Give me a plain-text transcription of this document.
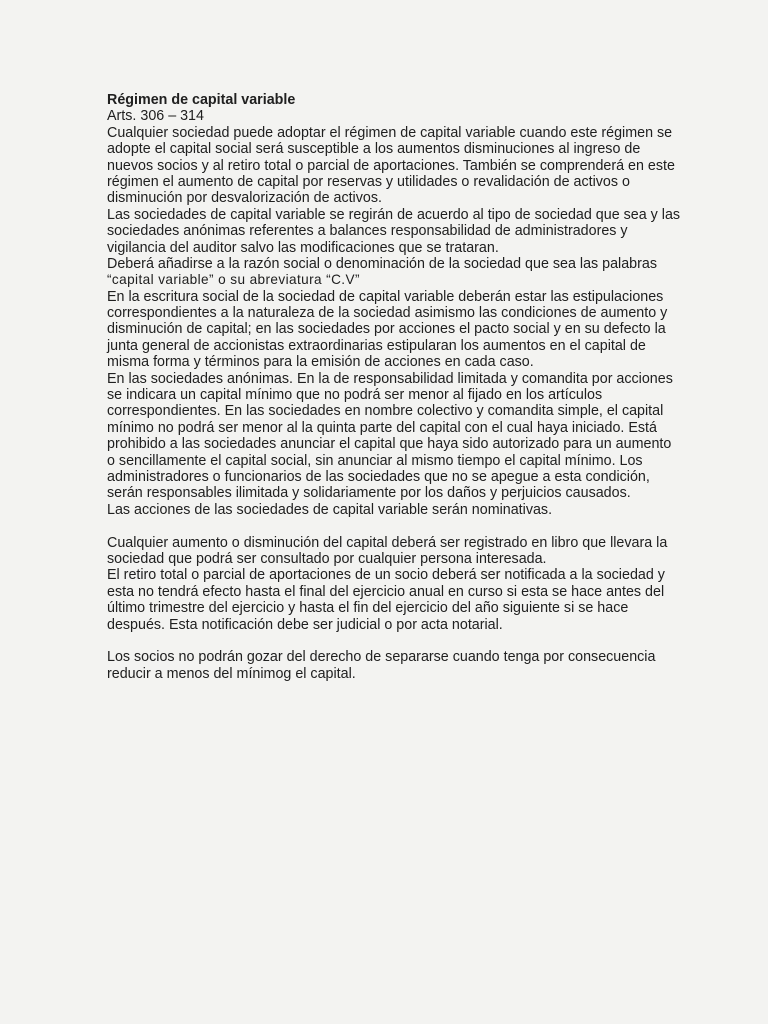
Régimen de capital variable
Arts. 306 – 314
Cualquier sociedad puede adoptar el régimen de capital variable cuando este régimen se
adopte el capital social será susceptible a los aumentos disminuciones al ingreso de
nuevos socios y al retiro total o parcial de aportaciones. También se comprenderá en este
régimen el aumento de capital por reservas y utilidades o revalidación de activos o
disminución por desvalorización de activos.
Las sociedades de capital variable se regirán de acuerdo al tipo de sociedad que sea y las
sociedades anónimas referentes a balances responsabilidad de administradores y
vigilancia del auditor salvo las modificaciones que se trataran.
Deberá añadirse a la razón social o denominación de la sociedad que sea las palabras
“capital variable” o su abreviatura “C.V”
En la escritura social de la sociedad de capital variable deberán estar las estipulaciones
correspondientes a la naturaleza de la sociedad asimismo las condiciones de aumento y
disminución de capital; en las sociedades por acciones el pacto social y en su defecto la
junta general de accionistas extraordinarias estipularan los aumentos en el capital de
misma forma y términos para la emisión de acciones en cada caso.
En las sociedades anónimas. En la de responsabilidad limitada y comandita por acciones
se indicara un capital mínimo que no podrá ser menor al fijado en los artículos
correspondientes. En las sociedades en nombre colectivo y comandita simple, el capital
mínimo no podrá ser menor al la quinta parte del capital con el cual haya iniciado. Está
prohibido a las sociedades anunciar el capital que haya sido autorizado para un aumento
o sencillamente el capital social, sin anunciar al mismo tiempo el capital mínimo. Los
administradores o funcionarios de las sociedades que no se apegue a esta condición,
serán responsables ilimitada y solidariamente por los daños y perjuicios causados.
Las acciones de las sociedades de capital variable serán nominativas.
Cualquier aumento o disminución del capital deberá ser registrado en libro que llevara la
sociedad que podrá ser consultado por cualquier persona interesada.
El retiro total o parcial de aportaciones de un socio deberá ser notificada a la sociedad y
esta no tendrá efecto hasta el final del ejercicio anual en curso si esta se hace antes del
último trimestre del ejercicio y hasta el fin del ejercicio del año siguiente si se hace
después. Esta notificación debe ser judicial o por acta notarial.
Los socios no podrán gozar del derecho de separarse cuando tenga por consecuencia
reducir a menos del mínimog el capital.
